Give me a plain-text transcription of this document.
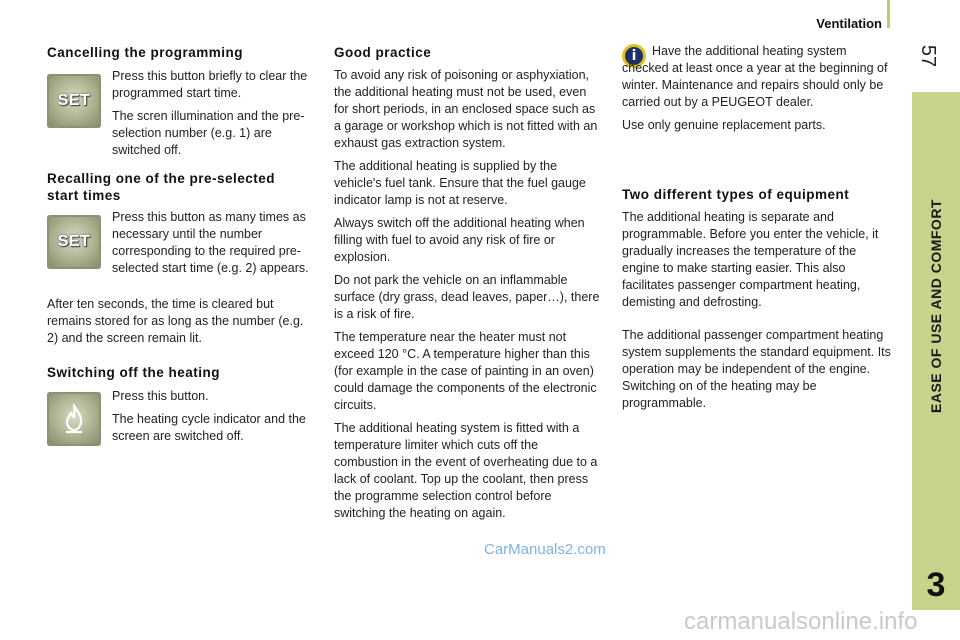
Ventilation
57
EASE OF USE AND COMFORT
3
Cancelling the programming
SET

Press this button briefly to clear the programmed start time.

The scren illumination and the pre-selection number (e.g. 1) are switched off.

Recalling one of the pre-selected
start times
SET

Press this button as many times as necessary until the number corresponding to the required pre-selected start time (e.g. 2) appears.

After ten seconds, the time is cleared but remains stored for as long as the number (e.g. 2) and the screen remain lit.

Switching off the heating

Press this button.

The heating cycle indicator and the screen are switched off.

Good practice

To avoid any risk of poisoning or asphyxiation, the additional heating must not be used, even for short periods, in an enclosed space such as a garage or workshop which is not fitted with an exhaust gas extraction system.

The additional heating is supplied by the vehicle's fuel tank. Ensure that the fuel gauge indicator lamp is not at reserve.

Always switch off the additional heating when filling with fuel to avoid any risk of fire or explosion.

Do not park the vehicle on an inflammable surface (dry grass, dead leaves, paper…), there is a risk of fire.

The temperature near the heater must not exceed 120 °C. A temperature higher than this (for example in the case of painting in an oven) could damage the components of the electronic circuits.

The additional heating system is fitted with a temperature limiter which cuts off the combustion in the event of overheating due to a lack of coolant. Top up the coolant, then press the programme selection control before switching the heating on again.

i	Have the additional heating system checked at least once a year at the beginning of winter. Maintenance and repairs should only be carried out by a PEUGEOT dealer.

Use only genuine replacement parts.

Two different types of equipment

The additional heating is separate and programmable. Before you enter the vehicle, it gradually increases the temperature of the engine to make starting easier. This also facilitates passenger compartment heating, demisting and defrosting.

The additional passenger compartment heating system supplements the standard equipment. Its operation may be independent of the engine. Switching on of the heating may be programmable.

CarManuals2.com
carmanualsonline.info
